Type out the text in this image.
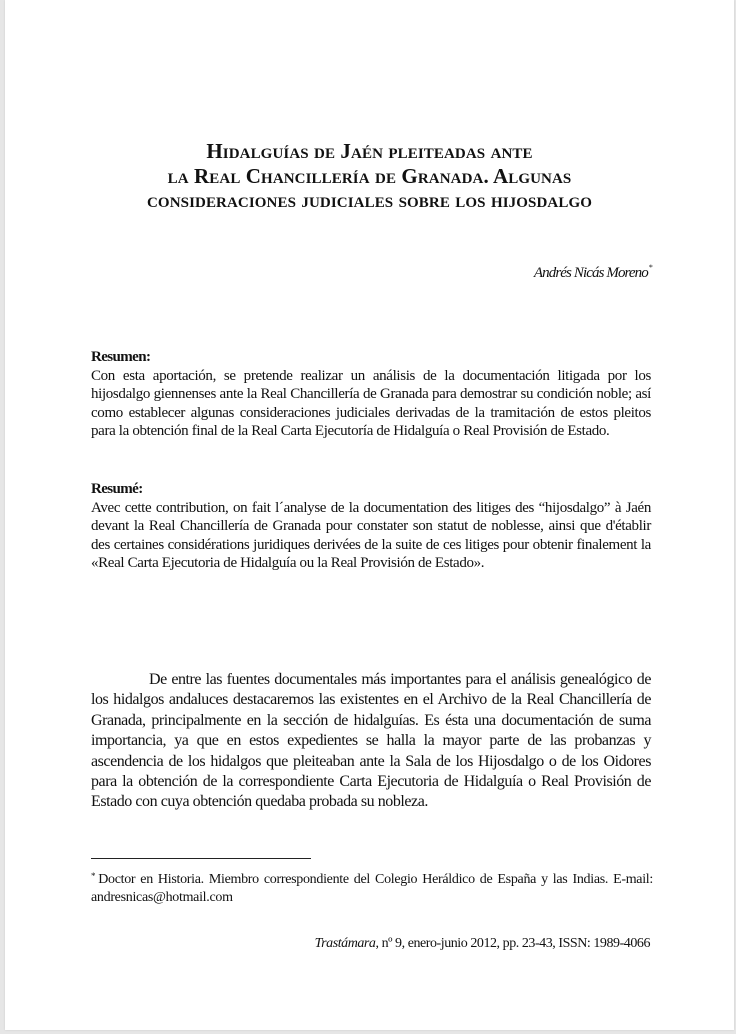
Hidalguías de Jaén pleiteadas ante
la Real Chancillería de Granada. Algunas
consideraciones judiciales sobre los hijosdalgo
Andrés Nicás Moreno*
Resumen:

Con esta aportación, se pretende realizar un análisis de la documentación litigada por los hijosdalgo giennenses ante la Real Chancillería de Granada para demostrar su condición noble; así como establecer algunas consideraciones judiciales derivadas de la tramitación de estos pleitos para la obtención final de la Real Carta Ejecutoría de Hidalguía o Real Provisión de Estado.

Resumé:

Avec cette contribution, on fait l´analyse de la documentation des litiges des “hijosdalgo” à Jaén devant la Real Chancillería de Granada pour constater son statut de noblesse, ainsi que d'établir des certaines considérations juridiques derivées de la suite de ces litiges pour obtenir finalement la «Real Carta Ejecutoria de Hidalguía ou la Real Provisión de Estado».

De entre las fuentes documentales más importantes para el análisis genealógico de los hidalgos andaluces destacaremos las existentes en el Archivo de la Real Chancillería de Granada, principalmente en la sección de hidalguías. Es ésta una documentación de suma importancia, ya que en estos expedientes se halla la mayor parte de las probanzas y ascendencia de los hidalgos que pleiteaban ante la Sala de los Hijosdalgo o de los Oidores para la obtención de la correspondiente Carta Ejecutoria de Hidalguía o Real Provisión de Estado con cuya obtención quedaba probada su nobleza.

* Doctor en Historia. Miembro correspondiente del Colegio Heráldico de España y las Indias. E-mail: andresnicas@hotmail.com

Trastámara, nº 9, enero-junio 2012, pp. 23-43, ISSN: 1989-4066
